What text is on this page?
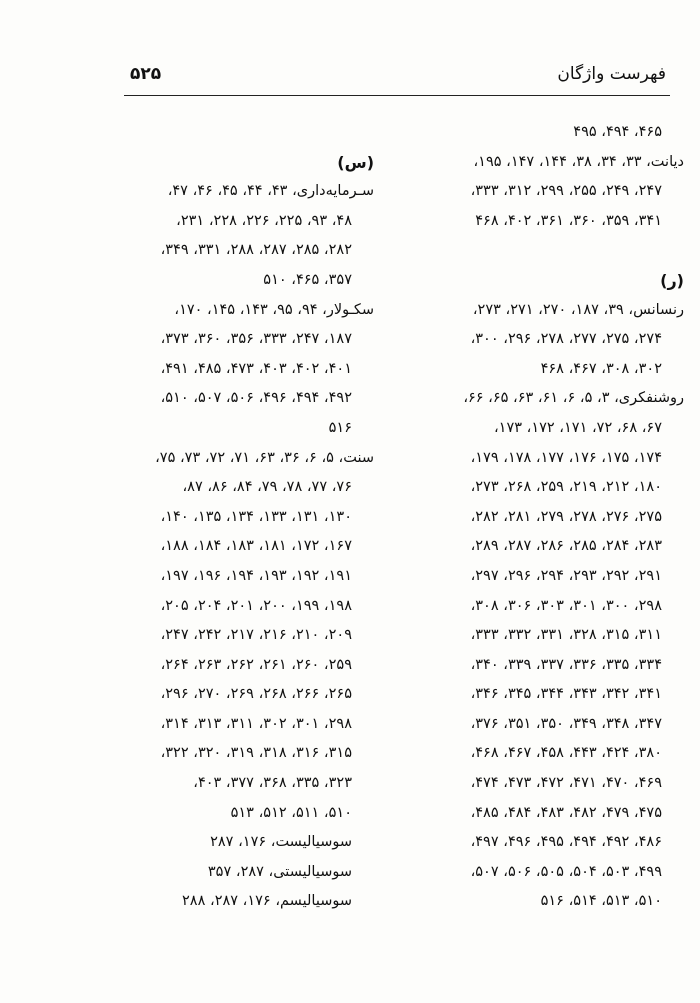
فهرست واژگان
۵۲۵
۴۶۵، ۴۹۴، ۴۹۵
دیانت، ۳۳، ۳۴، ۳۸، ۱۴۴، ۱۴۷، ۱۹۵،
۲۴۷، ۲۴۹، ۲۵۵، ۲۹۹، ۳۱۲، ۳۳۳،
۳۴۱، ۳۵۹، ۳۶۰، ۳۶۱، ۴۰۲، ۴۶۸
(ر)
رنسانس، ۳۹، ۱۸۷، ۲۷۰، ۲۷۱، ۲۷۳،
۲۷۴، ۲۷۵، ۲۷۷، ۲۷۸، ۲۹۶، ۳۰۰،
۳۰۲، ۳۰۸، ۴۶۷، ۴۶۸
روشنفکری، ۳، ۵، ۶، ۶۱، ۶۳، ۶۵، ۶۶،
۶۷، ۶۸، ۷۲، ۱۷۱، ۱۷۲، ۱۷۳،
۱۷۴، ۱۷۵، ۱۷۶، ۱۷۷، ۱۷۸، ۱۷۹،
۱۸۰، ۲۱۲، ۲۱۹، ۲۵۹، ۲۶۸، ۲۷۳،
۲۷۵، ۲۷۶، ۲۷۸، ۲۷۹، ۲۸۱، ۲۸۲،
۲۸۳، ۲۸۴، ۲۸۵، ۲۸۶، ۲۸۷، ۲۸۹،
۲۹۱، ۲۹۲، ۲۹۳، ۲۹۴، ۲۹۶، ۲۹۷،
۲۹۸، ۳۰۰، ۳۰۱، ۳۰۳، ۳۰۶، ۳۰۸،
۳۱۱، ۳۱۵، ۳۲۸، ۳۳۱، ۳۳۲، ۳۳۳،
۳۳۴، ۳۳۵، ۳۳۶، ۳۳۷، ۳۳۹، ۳۴۰،
۳۴۱، ۳۴۲، ۳۴۳، ۳۴۴، ۳۴۵، ۳۴۶،
۳۴۷، ۳۴۸، ۳۴۹، ۳۵۰، ۳۵۱، ۳۷۶،
۳۸۰، ۴۲۴، ۴۴۳، ۴۵۸، ۴۶۷، ۴۶۸،
۴۶۹، ۴۷۰، ۴۷۱، ۴۷۲، ۴۷۳، ۴۷۴،
۴۷۵، ۴۷۹، ۴۸۲، ۴۸۳، ۴۸۴، ۴۸۵،
۴۸۶، ۴۹۲، ۴۹۴، ۴۹۵، ۴۹۶، ۴۹۷،
۴۹۹، ۵۰۳، ۵۰۴، ۵۰۵، ۵۰۶، ۵۰۷،
۵۱۰، ۵۱۳، ۵۱۴، ۵۱۶
(س)
سـرمایه‌داری، ۴۳، ۴۴، ۴۵، ۴۶، ۴۷،
۴۸، ۹۳، ۲۲۵، ۲۲۶، ۲۲۸، ۲۳۱،
۲۸۲، ۲۸۵، ۲۸۷، ۲۸۸، ۳۳۱، ۳۴۹،
۳۵۷، ۴۶۵، ۵۱۰
سکـولار، ۹۴، ۹۵، ۱۴۳، ۱۴۵، ۱۷۰،
۱۸۷، ۲۴۷، ۳۳۳، ۳۵۶، ۳۶۰، ۳۷۳،
۴۰۱، ۴۰۲، ۴۰۳، ۴۷۳، ۴۸۵، ۴۹۱،
۴۹۲، ۴۹۴، ۴۹۶، ۵۰۶، ۵۰۷، ۵۱۰،
۵۱۶
سنت، ۵، ۶، ۳۶، ۶۳، ۷۱، ۷۲، ۷۳، ۷۵،
۷۶، ۷۷، ۷۸، ۷۹، ۸۴، ۸۶، ۸۷،
۱۳۰، ۱۳۱، ۱۳۳، ۱۳۴، ۱۳۵، ۱۴۰،
۱۶۷، ۱۷۲، ۱۸۱، ۱۸۳، ۱۸۴، ۱۸۸،
۱۹۱، ۱۹۲، ۱۹۳، ۱۹۴، ۱۹۶، ۱۹۷،
۱۹۸، ۱۹۹، ۲۰۰، ۲۰۱، ۲۰۴، ۲۰۵،
۲۰۹، ۲۱۰، ۲۱۶، ۲۱۷، ۲۴۲، ۲۴۷،
۲۵۹، ۲۶۰، ۲۶۱، ۲۶۲، ۲۶۳، ۲۶۴،
۲۶۵، ۲۶۶، ۲۶۸، ۲۶۹، ۲۷۰، ۲۹۶،
۲۹۸، ۳۰۱، ۳۰۲، ۳۱۱، ۳۱۳، ۳۱۴،
۳۱۵، ۳۱۶، ۳۱۸، ۳۱۹، ۳۲۰، ۳۲۲،
۳۲۳، ۳۳۵، ۳۶۸، ۳۷۷، ۴۰۳،
۵۱۰، ۵۱۱، ۵۱۲، ۵۱۳
سوسیالیست، ۱۷۶، ۲۸۷
سوسیالیستی، ۲۸۷، ۳۵۷
سوسیالیسم، ۱۷۶، ۲۸۷، ۲۸۸
